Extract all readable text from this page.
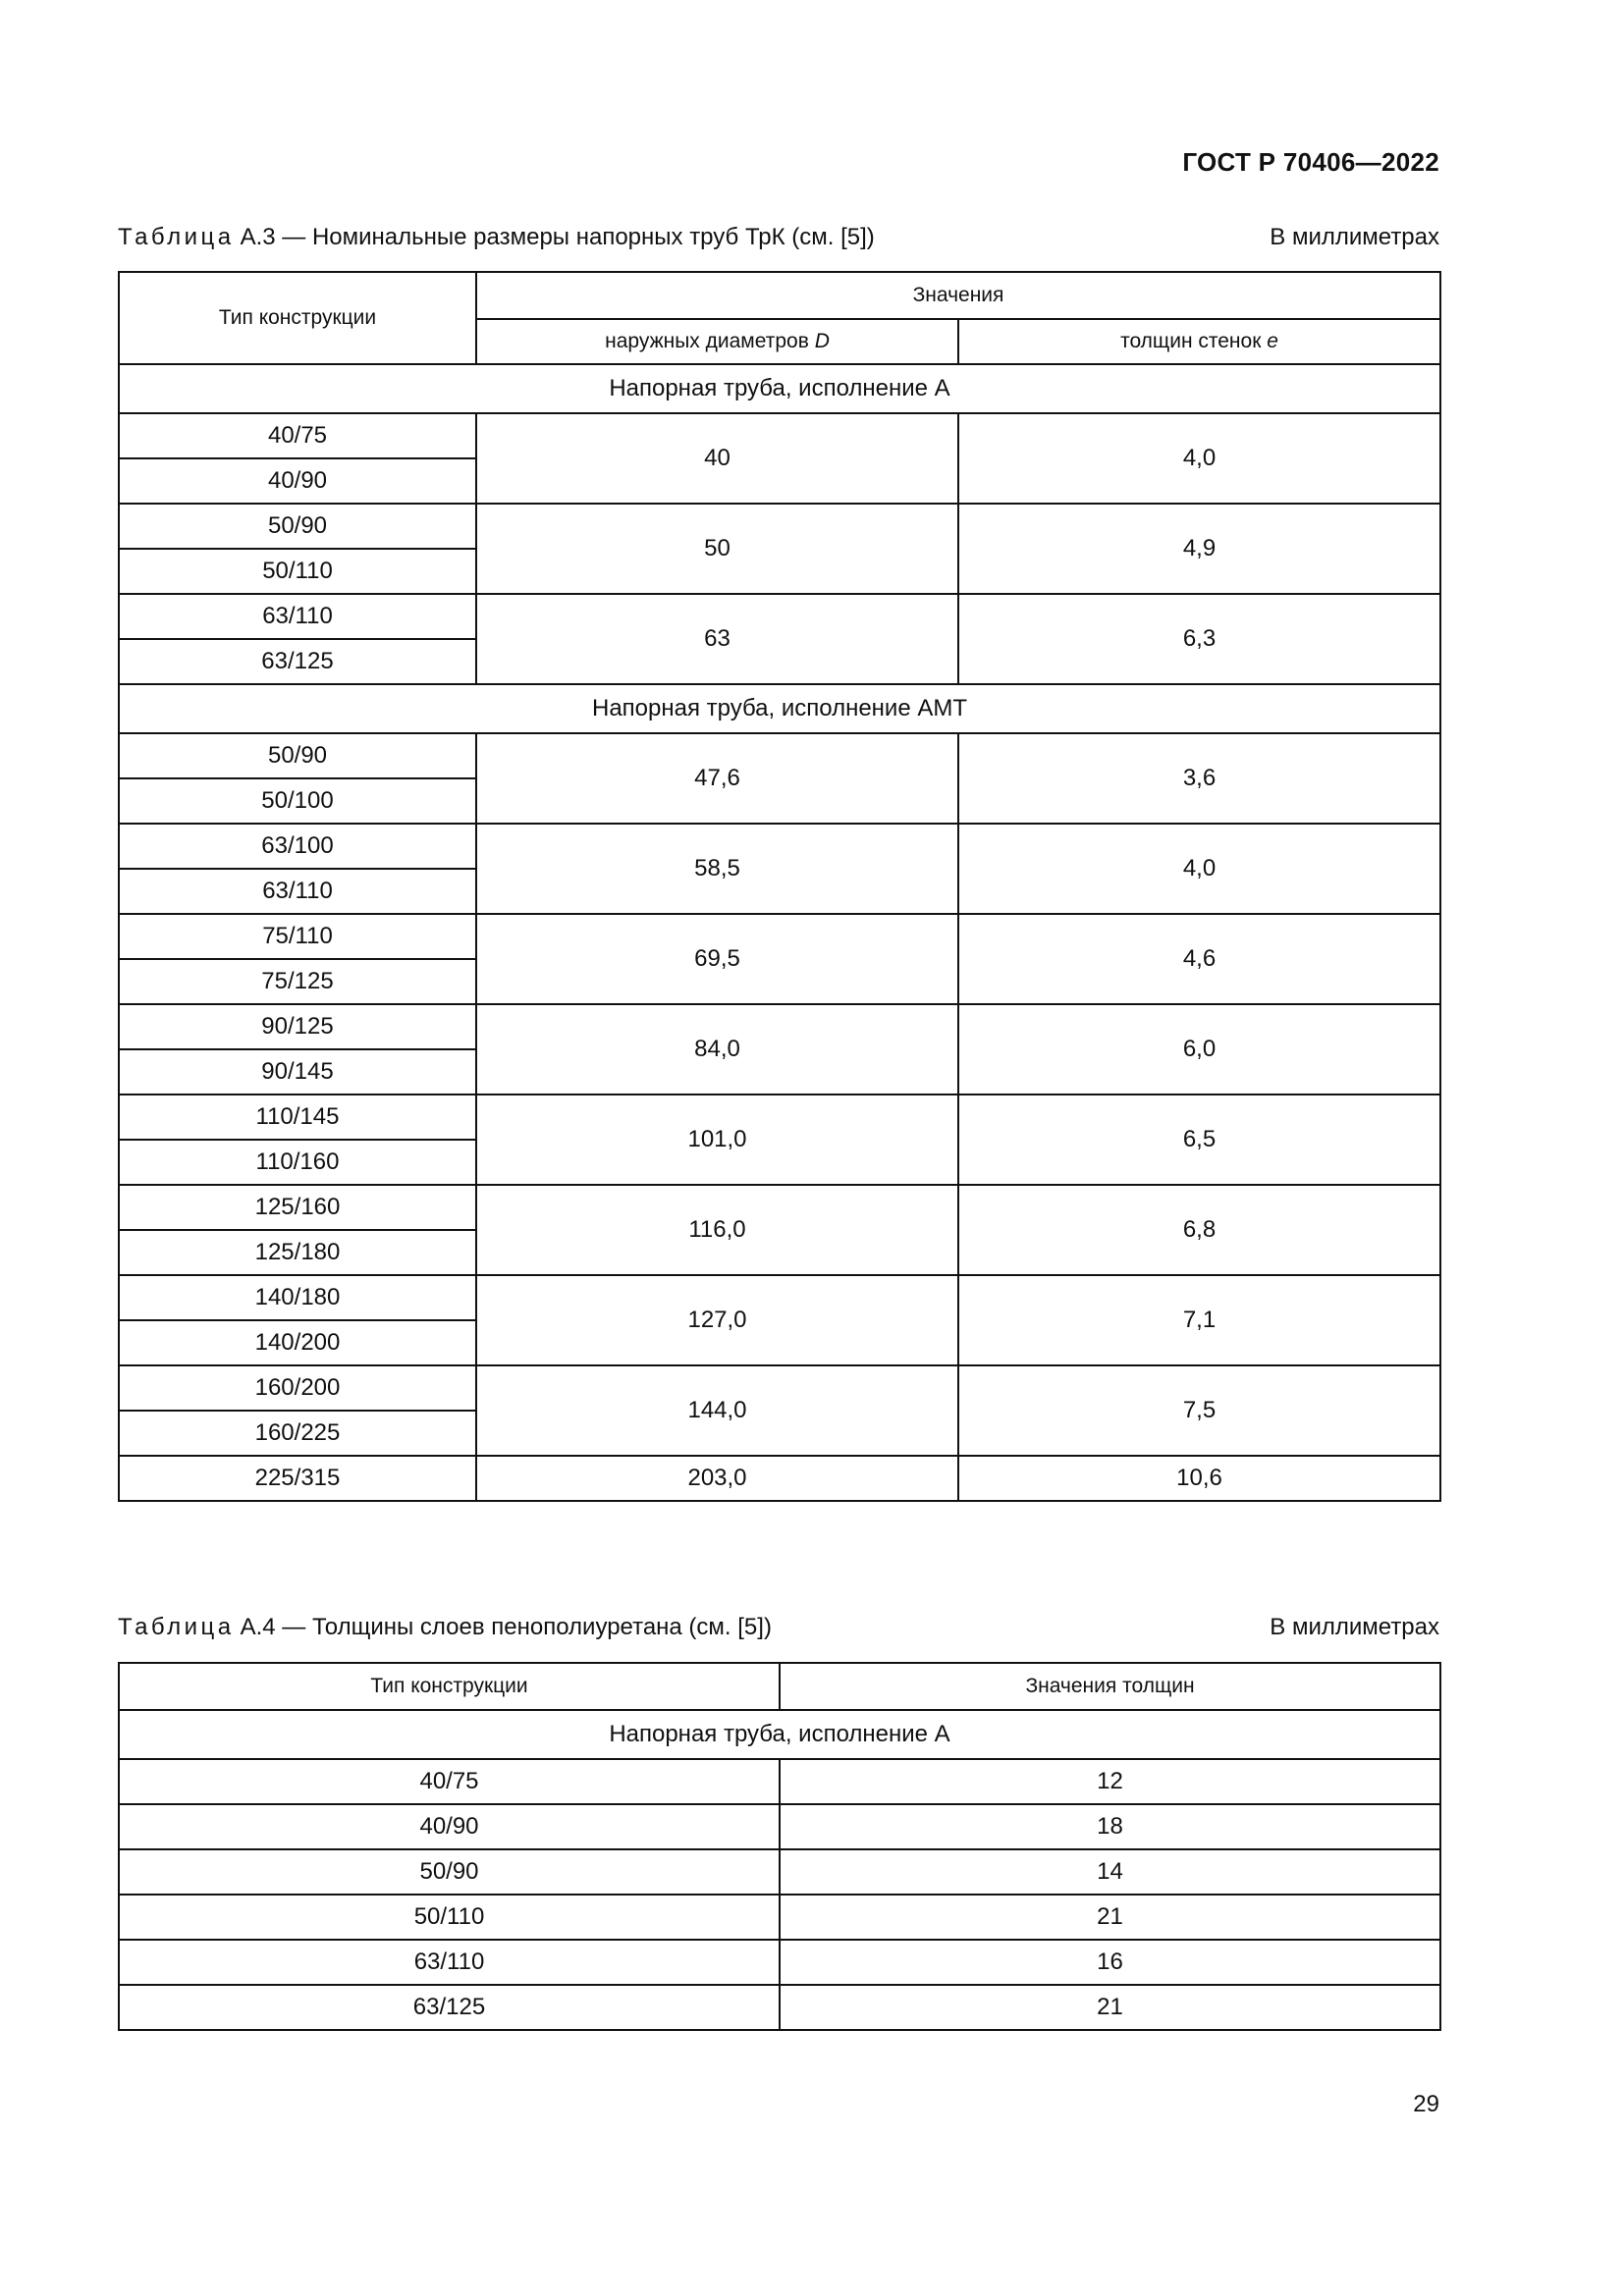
ГОСТ Р 70406—2022
Таблица А.3 — Номинальные размеры напорных труб ТрК (см. [5])	В миллиметрах
Тип конструкции	Значения	
	наружных диаметров D	толщин стенок e
Напорная труба, исполнение А		
40/75	40	4,0
40/90		
50/90	50	4,9
50/110		
63/110	63	6,3
63/125		
Напорная труба, исполнение АМТ		
50/90	47,6	3,6
50/100		
63/100	58,5	4,0
63/110		
75/110	69,5	4,6
75/125		
90/125	84,0	6,0
90/145		
110/145	101,0	6,5
110/160		
125/160	116,0	6,8
125/180		
140/180	127,0	7,1
140/200		
160/200	144,0	7,5
160/225		
225/315	203,0	10,6
Таблица А.4 — Толщины слоев пенополиуретана (см. [5])	В миллиметрах
Тип конструкции	Значения толщин
Напорная труба, исполнение А	
40/75	12
40/90	18
50/90	14
50/110	21
63/110	16
63/125	21
29
